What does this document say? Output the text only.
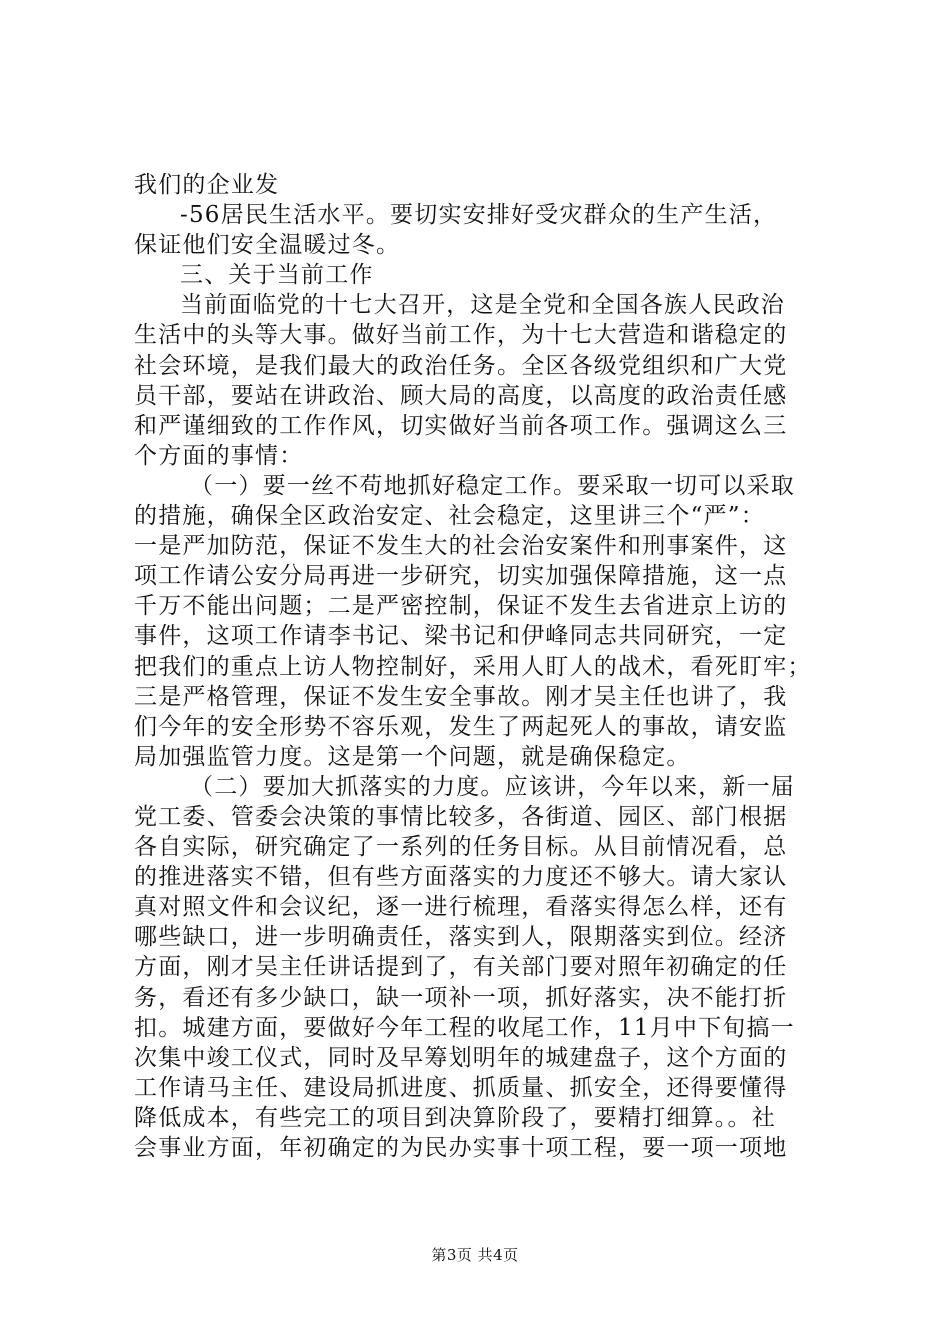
我们的企业发
-56居民生活水平。要切实安排好受灾群众的生产生活，
保证他们安全温暖过冬。
三、关于当前工作
当前面临党的十七大召开，这是全党和全国各族人民政治
生活中的头等大事。做好当前工作，为十七大营造和谐稳定的
社会环境，是我们最大的政治任务。全区各级党组织和广大党
员干部，要站在讲政治、顾大局的高度，以高度的政治责任感
和严谨细致的工作作风，切实做好当前各项工作。强调这么三
个方面的事情：
（一）要一丝不苟地抓好稳定工作。要采取一切可以采取
的措施，确保全区政治安定、社会稳定，这里讲三个“严”：
一是严加防范，保证不发生大的社会治安案件和刑事案件，这
项工作请公安分局再进一步研究，切实加强保障措施，这一点
千万不能出问题；二是严密控制，保证不发生去省进京上访的
事件，这项工作请李书记、梁书记和伊峰同志共同研究，一定
把我们的重点上访人物控制好，采用人盯人的战术，看死盯牢；
三是严格管理，保证不发生安全事故。刚才吴主任也讲了，我
们今年的安全形势不容乐观，发生了两起死人的事故，请安监
局加强监管力度。这是第一个问题，就是确保稳定。
（二）要加大抓落实的力度。应该讲，今年以来，新一届
党工委、管委会决策的事情比较多，各街道、园区、部门根据
各自实际，研究确定了一系列的任务目标。从目前情况看，总
的推进落实不错，但有些方面落实的力度还不够大。请大家认
真对照文件和会议纪，逐一进行梳理，看落实得怎么样，还有
哪些缺口，进一步明确责任，落实到人，限期落实到位。经济
方面，刚才吴主任讲话提到了，有关部门要对照年初确定的任
务，看还有多少缺口，缺一项补一项，抓好落实，决不能打折
扣。城建方面，要做好今年工程的收尾工作，11月中下旬搞一
次集中竣工仪式，同时及早筹划明年的城建盘子，这个方面的
工作请马主任、建设局抓进度、抓质量、抓安全，还得要懂得
降低成本，有些完工的项目到决算阶段了，要精打细算。。社
会事业方面，年初确定的为民办实事十项工程，要一项一项地
第3页 共4页
